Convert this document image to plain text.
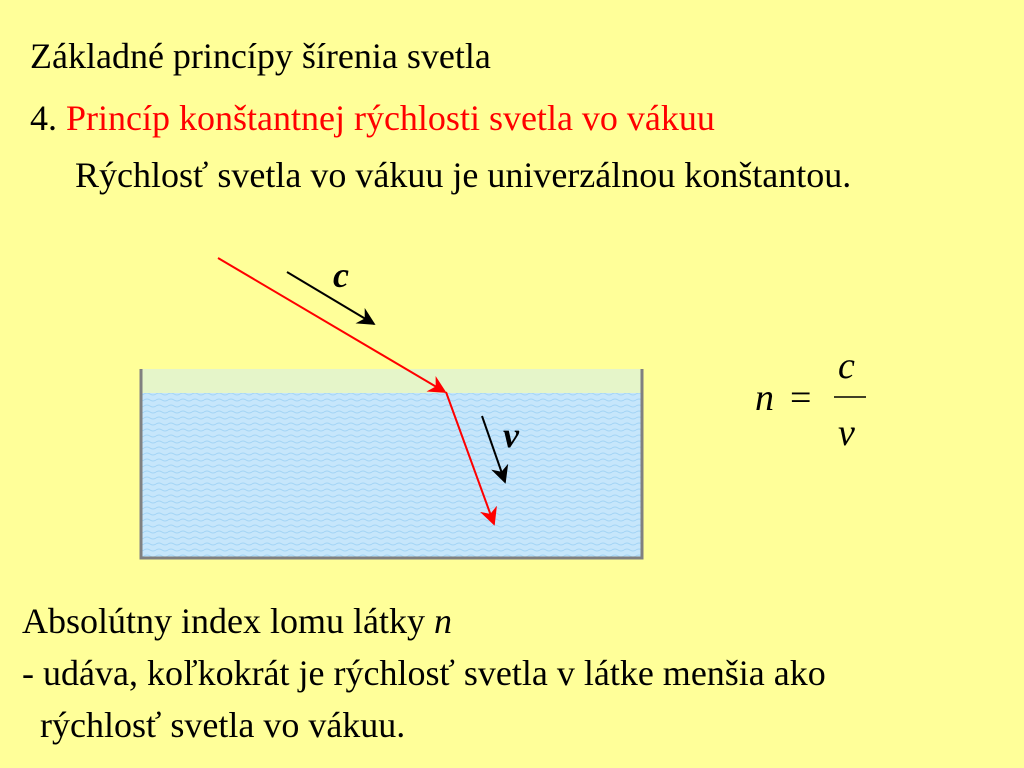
c
v
n =
c
v
Základné princípy šírenia svetla
4. Princíp konštantnej rýchlosti svetla vo vákuu
Rýchlosť svetla vo vákuu je univerzálnou konštantou.
Absolútny index lomu látky n
- udáva, koľkokrát je rýchlosť svetla v látke menšia ako
rýchlosť svetla vo vákuu.
